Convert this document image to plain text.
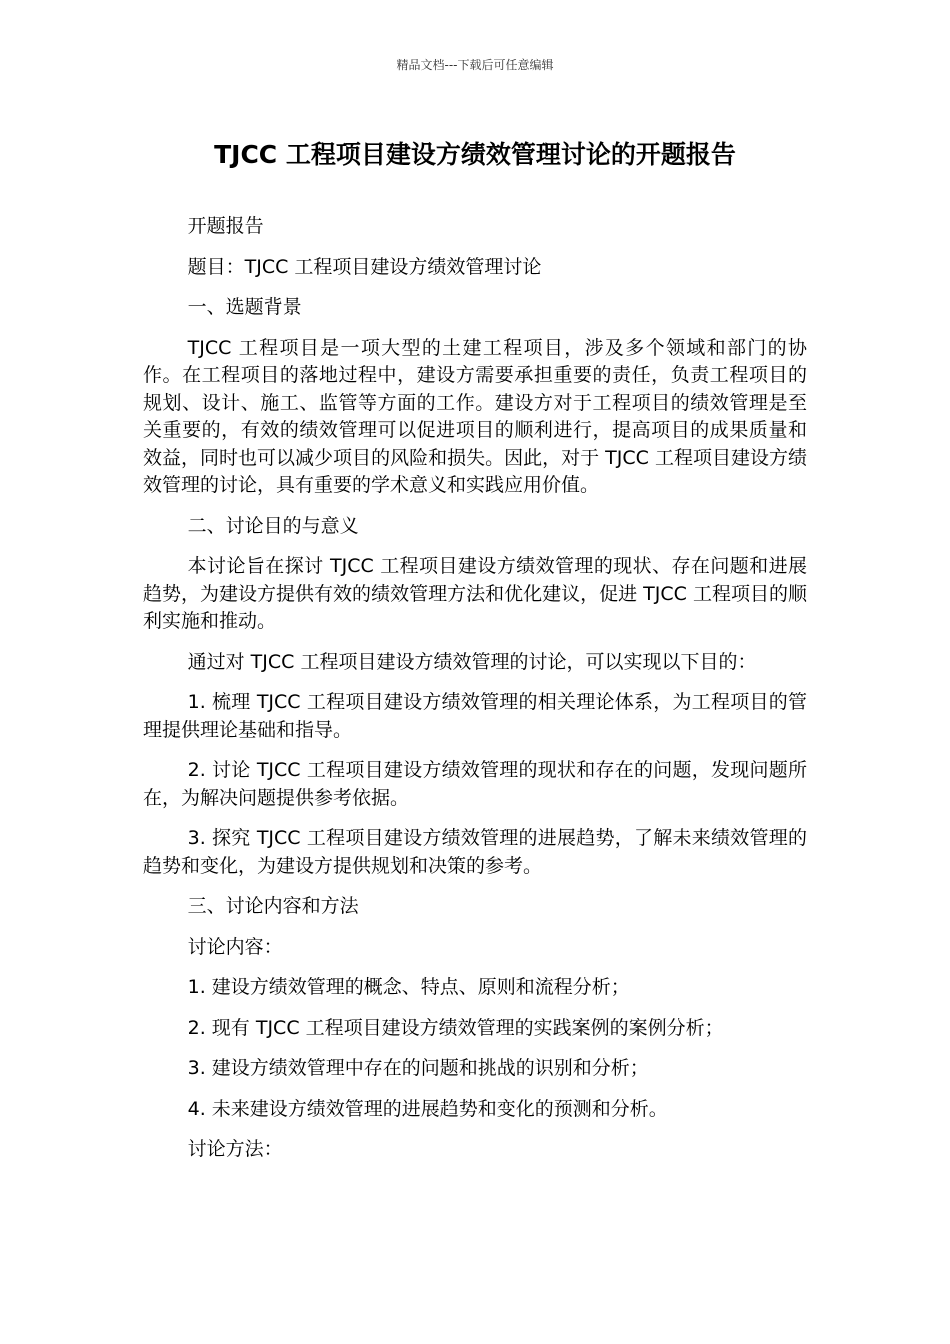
精品文档---下载后可任意编辑
TJCC 工程项目建设方绩效管理讨论的开题报告

开题报告

题目：TJCC 工程项目建设方绩效管理讨论

一、选题背景

TJCC 工程项目是一项大型的土建工程项目，涉及多个领域和部门的协作。在工程项目的落地过程中，建设方需要承担重要的责任，负责工程项目的规划、设计、施工、监管等方面的工作。建设方对于工程项目的绩效管理是至关重要的，有效的绩效管理可以促进项目的顺利进行，提高项目的成果质量和效益，同时也可以减少项目的风险和损失。因此，对于 TJCC 工程项目建设方绩效管理的讨论，具有重要的学术意义和实践应用价值。

二、讨论目的与意义

本讨论旨在探讨 TJCC 工程项目建设方绩效管理的现状、存在问题和进展趋势，为建设方提供有效的绩效管理方法和优化建议，促进 TJCC 工程项目的顺利实施和推动。

通过对 TJCC 工程项目建设方绩效管理的讨论，可以实现以下目的：

1. 梳理 TJCC 工程项目建设方绩效管理的相关理论体系，为工程项目的管理提供理论基础和指导。

2. 讨论 TJCC 工程项目建设方绩效管理的现状和存在的问题，发现问题所在，为解决问题提供参考依据。

3. 探究 TJCC 工程项目建设方绩效管理的进展趋势，了解未来绩效管理的趋势和变化，为建设方提供规划和决策的参考。

三、讨论内容和方法

讨论内容：

1. 建设方绩效管理的概念、特点、原则和流程分析；

2. 现有 TJCC 工程项目建设方绩效管理的实践案例的案例分析；

3. 建设方绩效管理中存在的问题和挑战的识别和分析；

4. 未来建设方绩效管理的进展趋势和变化的预测和分析。

讨论方法：
